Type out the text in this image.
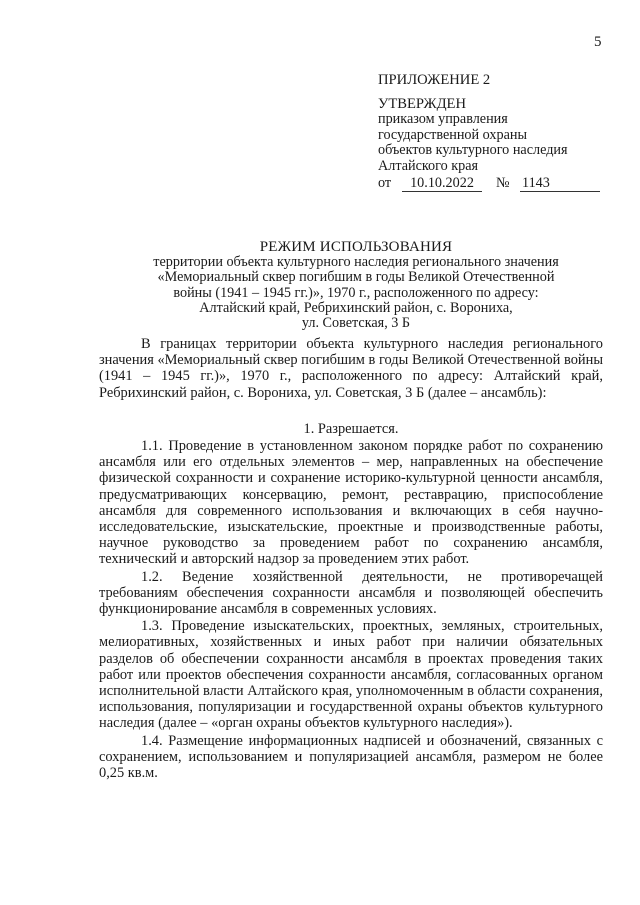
5
ПРИЛОЖЕНИЕ 2
УТВЕРЖДЕН
приказом управления
государственной охраны
объектов культурного наследия
Алтайского края
от	10.10.2022	№ 1143
РЕЖИМ ИСПОЛЬЗОВАНИЯ
территории объекта культурного наследия регионального значения
«Мемориальный сквер погибшим в годы Великой Отечественной
войны (1941 – 1945 гг.)», 1970 г., расположенного по адресу:
Алтайский край, Ребрихинский район, с. Ворониха,
ул. Советская, 3 Б

В границах территории объекта культурного наследия регионального значения «Мемориальный сквер погибшим в годы Великой Отечественной войны (1941 – 1945 гг.)», 1970 г., расположенного по адресу: Алтайский край, Ребрихинский район, с. Ворониха, ул. Советская, 3 Б (далее – ансамбль):

1. Разрешается.

1.1. Проведение в установленном законом порядке работ по сохранению ансамбля или его отдельных элементов – мер, направленных на обеспечение физической сохранности и сохранение историко-культурной ценности ансамбля, предусматривающих консервацию, ремонт, реставрацию, приспособление ансамбля для современного использования и включающих в себя научно-исследовательские, изыскательские, проектные и производственные работы, научное руководство за проведением работ по сохранению ансамбля, технический и авторский надзор за проведением этих работ.

1.2. Ведение хозяйственной деятельности, не противоречащей требованиям обеспечения сохранности ансамбля и позволяющей обеспечить функционирование ансамбля в современных условиях.

1.3. Проведение изыскательских, проектных, земляных, строительных, мелиоративных, хозяйственных и иных работ при наличии обязательных разделов об обеспечении сохранности ансамбля в проектах проведения таких работ или проектов обеспечения сохранности ансамбля, согласованных органом исполнительной власти Алтайского края, уполномоченным в области сохранения, использования, популяризации и государственной охраны объектов культурного наследия (далее – «орган охраны объектов культурного наследия»).

1.4. Размещение информационных надписей и обозначений, связанных с сохранением, использованием и популяризацией ансамбля, размером не более 0,25 кв.м.
